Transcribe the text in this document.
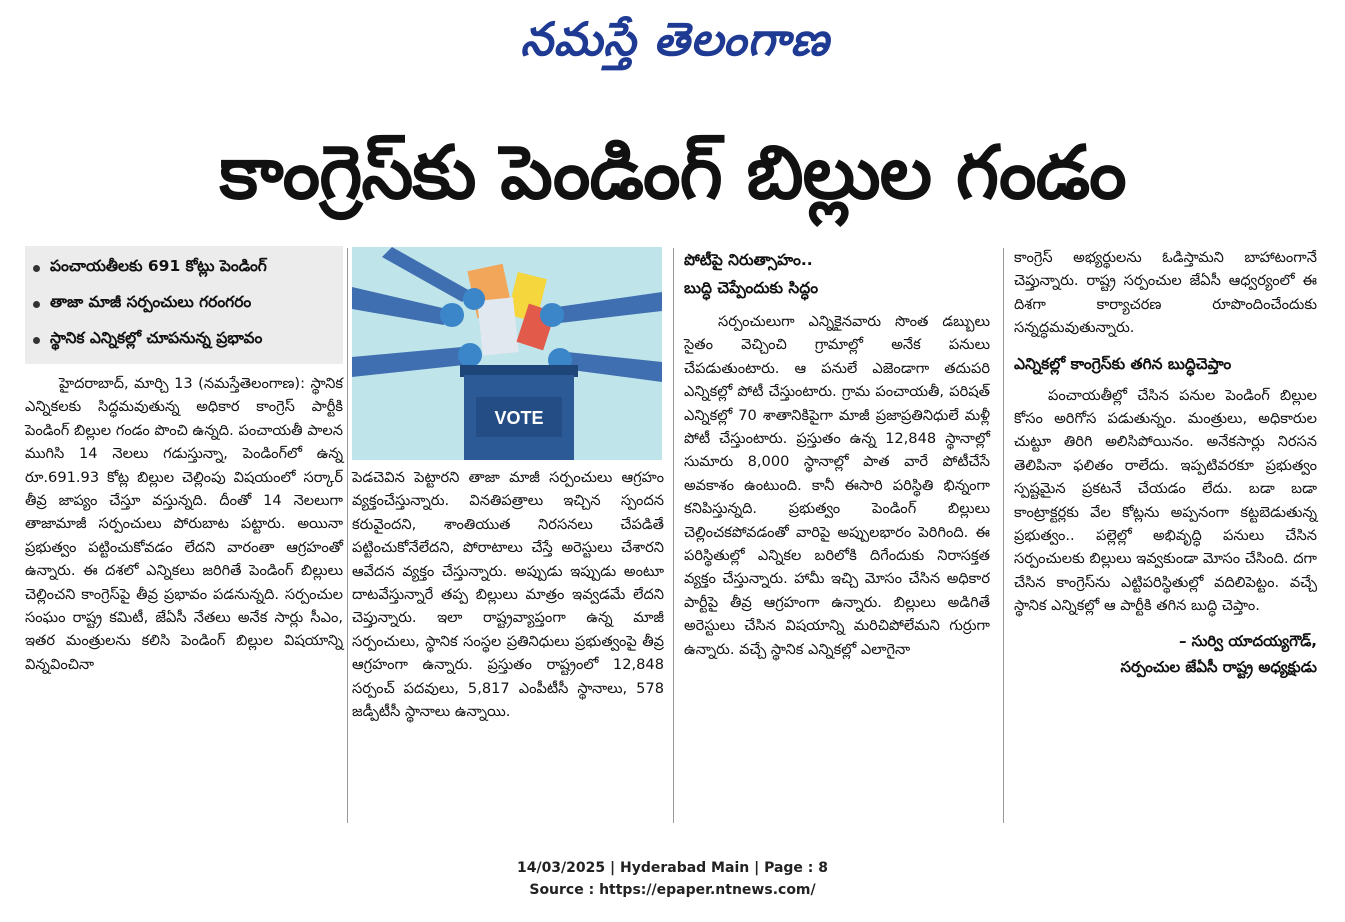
నమస్తే తెలంగాణ
కాంగ్రెస్‌కు పెండింగ్ బిల్లుల గండం
పంచాయతీలకు 691 కోట్లు పెండింగ్
తాజా మాజీ సర్పంచులు గరంగరం
స్థానిక ఎన్నికల్లో చూపనున్న ప్రభావం
VOTE

హైదరాబాద్, మార్చి 13 (నమస్తేతెలంగాణ): స్థానిక ఎన్నికలకు సిద్ధమవుతున్న అధికార కాంగ్రెస్ పార్టీకి పెండింగ్ బిల్లుల గండం పొంచి ఉన్నది. పంచాయతీ పాలన ముగిసి 14 నెలలు గడుస్తున్నా, పెండింగ్‌లో ఉన్న రూ.691.93 కోట్ల బిల్లుల చెల్లింపు విషయంలో సర్కార్ తీవ్ర జాప్యం చేస్తూ వస్తున్నది. దీంతో 14 నెలలుగా తాజామాజీ సర్పంచులు పోరుబాట పట్టారు. అయినా ప్రభుత్వం పట్టించుకోవడం లేదని వారంతా ఆగ్రహంతో ఉన్నారు. ఈ దశలో ఎన్నికలు జరిగితే పెండింగ్ బిల్లులు చెల్లించని కాంగ్రెస్‌పై తీవ్ర ప్రభావం పడనున్నది. సర్పంచుల సంఘం రాష్ట్ర కమిటీ, జేఏసీ నేతలు అనేక సార్లు సీఎం, ఇతర మంత్రులను కలిసి పెండింగ్ బిల్లుల విషయాన్ని విన్నవించినా

పెడచెవిన పెట్టారని తాజా మాజీ సర్పంచులు ఆగ్రహం వ్యక్తంచేస్తున్నారు. వినతిపత్రాలు ఇచ్చిన స్పందన కరువైందని, శాంతియుత నిరసనలు చేపడితే పట్టించుకోనేలేదని, పోరాటాలు చేస్తే అరెస్టులు చేశారని ఆవేదన వ్యక్తం చేస్తున్నారు. అప్పుడు ఇప్పుడు అంటూ దాటవేస్తున్నారే తప్ప బిల్లులు మాత్రం ఇవ్వడమే లేదని చెప్తున్నారు. ఇలా రాష్ట్రవ్యాప్తంగా ఉన్న మాజీ సర్పంచులు, స్థానిక సంస్థల ప్రతినిధులు ప్రభుత్వంపై తీవ్ర ఆగ్రహంగా ఉన్నారు. ప్రస్తుతం రాష్ట్రంలో 12,848 సర్పంచ్ పదవులు, 5,817 ఎంపీటీసీ స్థానాలు, 578 జడ్పీటీసీ స్థానాలు ఉన్నాయి.

పోటీపై నిరుత్సాహం..
బుద్ధి చెప్పేందుకు సిద్ధం

సర్పంచులుగా ఎన్నికైనవారు సొంత డబ్బులు సైతం వెచ్చించి గ్రామాల్లో అనేక పనులు చేపడుతుంటారు. ఆ పనులే ఎజెండాగా తదుపరి ఎన్నికల్లో పోటీ చేస్తుంటారు. గ్రామ పంచాయతీ, పరిషత్ ఎన్నికల్లో 70 శాతానికిపైగా మాజీ ప్రజాప్రతినిధులే మళ్లీ పోటీ చేస్తుంటారు. ప్రస్తుతం ఉన్న 12,848 స్థానాల్లో సుమారు 8,000 స్థానాల్లో పాత వారే పోటీచేసే అవకాశం ఉంటుంది. కానీ ఈసారి పరిస్థితి భిన్నంగా కనిపిస్తున్నది. ప్రభుత్వం పెండింగ్ బిల్లులు చెల్లించకపోవడంతో వారిపై అప్పులభారం పెరిగింది. ఈ పరిస్థితుల్లో ఎన్నికల బరిలోకి దిగేందుకు నిరాసక్తత వ్యక్తం చేస్తున్నారు. హామీ ఇచ్చి మోసం చేసిన అధికార పార్టీపై తీవ్ర ఆగ్రహంగా ఉన్నారు. బిల్లులు అడిగితే అరెస్టులు చేసిన విషయాన్ని మరిచిపోలేమని గుర్రుగా ఉన్నారు. వచ్చే స్థానిక ఎన్నికల్లో ఎలాగైనా

కాంగ్రెస్ అభ్యర్థులను ఓడిస్తామని బాహాటంగానే చెప్తున్నారు. రాష్ట్ర సర్పంచుల జేఏసీ ఆధ్వర్యంలో ఈ దిశగా కార్యాచరణ రూపొందించేందుకు సన్నద్ధమవుతున్నారు.

ఎన్నికల్లో కాంగ్రెస్‌కు తగిన బుద్ధిచెప్తాం

పంచాయతీల్లో చేసిన పనుల పెండింగ్ బిల్లుల కోసం అరిగోస పడుతున్నం. మంత్రులు, అధికారుల చుట్టూ తిరిగి అలిసిపోయినం. అనేకసార్లు నిరసన తెలిపినా ఫలితం రాలేదు. ఇప్పటివరకూ ప్రభుత్వం స్పష్టమైన ప్రకటనే చేయడం లేదు. బడా బడా కాంట్రాక్టర్లకు వేల కోట్లను అప్పనంగా కట్టబెడుతున్న ప్రభుత్వం.. పల్లెల్లో అభివృద్ధి పనులు చేసిన సర్పంచులకు బిల్లులు ఇవ్వకుండా మోసం చేసింది. దగా చేసిన కాంగ్రెస్‌ను ఎట్టిపరిస్థితుల్లో వదిలిపెట్టం. వచ్చే స్థానిక ఎన్నికల్లో ఆ పార్టీకి తగిన బుద్ధి చెప్తాం.

– సుర్వి యాదయ్యగౌడ్,
సర్పంచుల జేఏసీ రాష్ట్ర అధ్యక్షుడు
14/03/2025 | Hyderabad Main | Page : 8
Source : https://epaper.ntnews.com/
